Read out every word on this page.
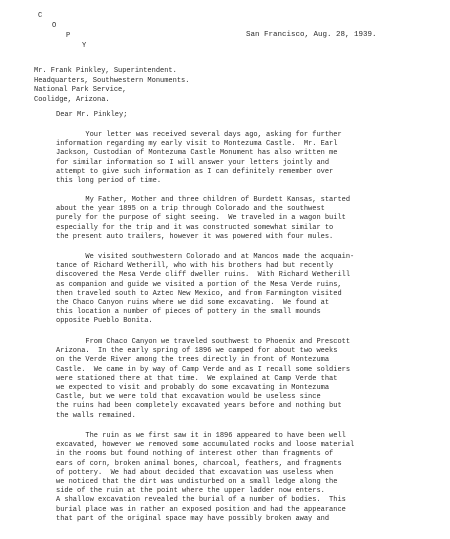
C
O
P
Y
San Francisco, Aug. 28, 1939.
Mr. Frank Pinkley, Superintendent.
Headquarters, Southwestern Monuments.
National Park Service,
Coolidge, Arizona.
Dear Mr. Pinkley;
Your letter was received several days ago, asking for further
information regarding my early visit to Montezuma Castle.  Mr. Earl
Jackson, Custodian of Montezuma Castle Monument has also written me
for similar information so I will answer your letters jointly and
attempt to give such information as I can definitely remember over
this long period of time.
My Father, Mother and three children of Burdett Kansas, started
about the year 1895 on a trip through Colorado and the southwest
purely for the purpose of sight seeing.  We traveled in a wagon built
especially for the trip and it was constructed somewhat similar to
the present auto trailers, however it was powered with four mules.
We visited southwestern Colorado and at Mancos made the acquain-
tance of Richard Wetherill, who with his brothers had but recently
discovered the Mesa Verde cliff dweller ruins.  With Richard Wetherill
as companion and guide we visited a portion of the Mesa Verde ruins,
then traveled south to Aztec New Mexico, and from Farmington visited
the Chaco Canyon ruins where we did some excavating.  We found at
this location a number of pieces of pottery in the small mounds
opposite Pueblo Bonita.
From Chaco Canyon we traveled southwest to Phoenix and Prescott
Arizona.  In the early spring of 1896 we camped for about two weeks
on the Verde River among the trees directly in front of Montezuma
Castle.  We came in by way of Camp Verde and as I recall some soldiers
were stationed there at that time.  We explained at Camp Verde that
we expected to visit and probably do some excavating in Montezuma
Castle, but we were told that excavation would be useless since
the ruins had been completely excavated years before and nothing but
the walls remained.
The ruin as we first saw it in 1896 appeared to have been well
excavated, however we removed some accumulated rocks and loose material
in the rooms but found nothing of interest other than fragments of
ears of corn, broken animal bones, charcoal, feathers, and fragments
of pottery.  We had about decided that excavation was useless when
we noticed that the dirt was undisturbed on a small ledge along the
side of the ruin at the point where the upper ladder now enters.
A shallow excavation revealed the burial of a number of bodies.  This
burial place was in rather an exposed position and had the appearance
that part of the original space may have possibly broken away and
